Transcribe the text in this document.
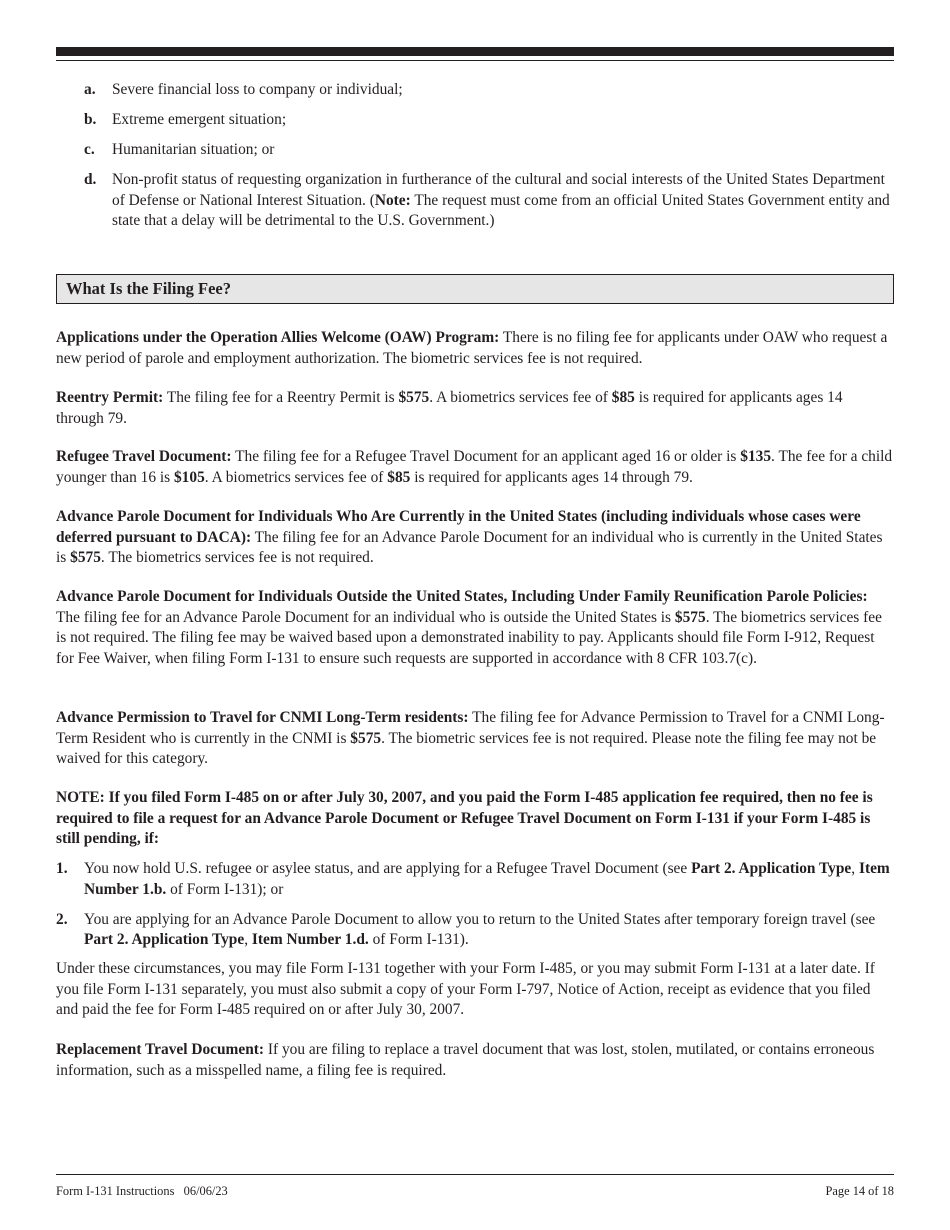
a. Severe financial loss to company or individual;
b. Extreme emergent situation;
c. Humanitarian situation; or
d. Non-profit status of requesting organization in furtherance of the cultural and social interests of the United States Department of Defense or National Interest Situation. (Note: The request must come from an official United States Government entity and state that a delay will be detrimental to the U.S. Government.)
What Is the Filing Fee?

Applications under the Operation Allies Welcome (OAW) Program: There is no filing fee for applicants under OAW who request a new period of parole and employment authorization. The biometric services fee is not required.

Reentry Permit: The filing fee for a Reentry Permit is $575. A biometrics services fee of $85 is required for applicants ages 14 through 79.

Refugee Travel Document: The filing fee for a Refugee Travel Document for an applicant aged 16 or older is $135. The fee for a child younger than 16 is $105. A biometrics services fee of $85 is required for applicants ages 14 through 79.

Advance Parole Document for Individuals Who Are Currently in the United States (including individuals whose cases were deferred pursuant to DACA): The filing fee for an Advance Parole Document for an individual who is currently in the United States is $575. The biometrics services fee is not required.

Advance Parole Document for Individuals Outside the United States, Including Under Family Reunification Parole Policies: The filing fee for an Advance Parole Document for an individual who is outside the United States is $575. The biometrics services fee is not required. The filing fee may be waived based upon a demonstrated inability to pay. Applicants should file Form I-912, Request for Fee Waiver, when filing Form I-131 to ensure such requests are supported in accordance with 8 CFR 103.7(c).

Advance Permission to Travel for CNMI Long-Term residents: The filing fee for Advance Permission to Travel for a CNMI Long-Term Resident who is currently in the CNMI is $575. The biometric services fee is not required. Please note the filing fee may not be waived for this category.

NOTE: If you filed Form I-485 on or after July 30, 2007, and you paid the Form I-485 application fee required, then no fee is required to file a request for an Advance Parole Document or Refugee Travel Document on Form I-131 if your Form I-485 is still pending, if:

1. You now hold U.S. refugee or asylee status, and are applying for a Refugee Travel Document (see Part 2. Application Type, Item Number 1.b. of Form I-131); or
2. You are applying for an Advance Parole Document to allow you to return to the United States after temporary foreign travel (see Part 2. Application Type, Item Number 1.d. of Form I-131).

Under these circumstances, you may file Form I-131 together with your Form I-485, or you may submit Form I-131 at a later date. If you file Form I-131 separately, you must also submit a copy of your Form I-797, Notice of Action, receipt as evidence that you filed and paid the fee for Form I-485 required on or after July 30, 2007.

Replacement Travel Document: If you are filing to replace a travel document that was lost, stolen, mutilated, or contains erroneous information, such as a misspelled name, a filing fee is required.

Form I-131 Instructions   06/06/23	Page 14 of 18
